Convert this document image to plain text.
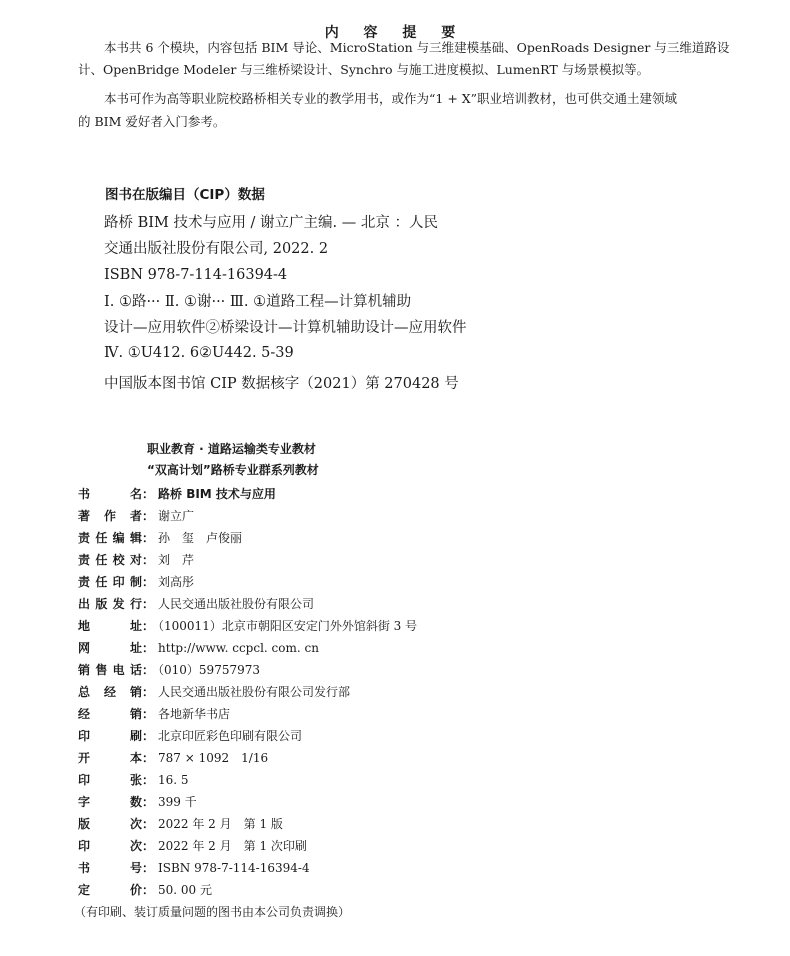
内 容 提 要
本书共 6 个模块，内容包括 BIM 导论、MicroStation 与三维建模基础、OpenRoads Designer 与三维道路设
计、OpenBridge Modeler 与三维桥梁设计、Synchro 与施工进度模拟、LumenRT 与场景模拟等。
本书可作为高等职业院校路桥相关专业的教学用书，或作为“1 + X”职业培训教材，也可供交通土建领域
的 BIM 爱好者入门参考。
图书在版编目（CIP）数据
路桥 BIM 技术与应用 / 谢立广主编. — 北京 ：人民
交通出版社股份有限公司, 2022. 2
ISBN 978-7-114-16394-4
Ⅰ. ①路··· Ⅱ. ①谢··· Ⅲ. ①道路工程—计算机辅助
设计—应用软件②桥梁设计—计算机辅助设计—应用软件
Ⅳ. ①U412. 6②U442. 5-39
中国版本图书馆 CIP 数据核字（2021）第 270428 号
职业教育 · 道路运输类专业教材
“双高计划”路桥专业群系列教材
书名： 路桥 BIM 技术与应用
著作者： 谢立广
责任编辑： 孙　玺　卢俊丽
责任校对： 刘　芹
责任印制： 刘高彤
出版发行： 人民交通出版社股份有限公司
地址： （100011）北京市朝阳区安定门外外馆斜街 3 号
网址： http://www. ccpcl. com. cn
销售电话： （010）59757973
总经销： 人民交通出版社股份有限公司发行部
经销： 各地新华书店
印刷： 北京印匠彩色印刷有限公司
开本： 787 × 1092　1/16
印张： 16. 5
字数： 399 千
版次： 2022 年 2 月　第 1 版
印次： 2022 年 2 月　第 1 次印刷
书号： ISBN 978-7-114-16394-4
定价： 50. 00 元
（有印刷、装订质量问题的图书由本公司负责调换）
